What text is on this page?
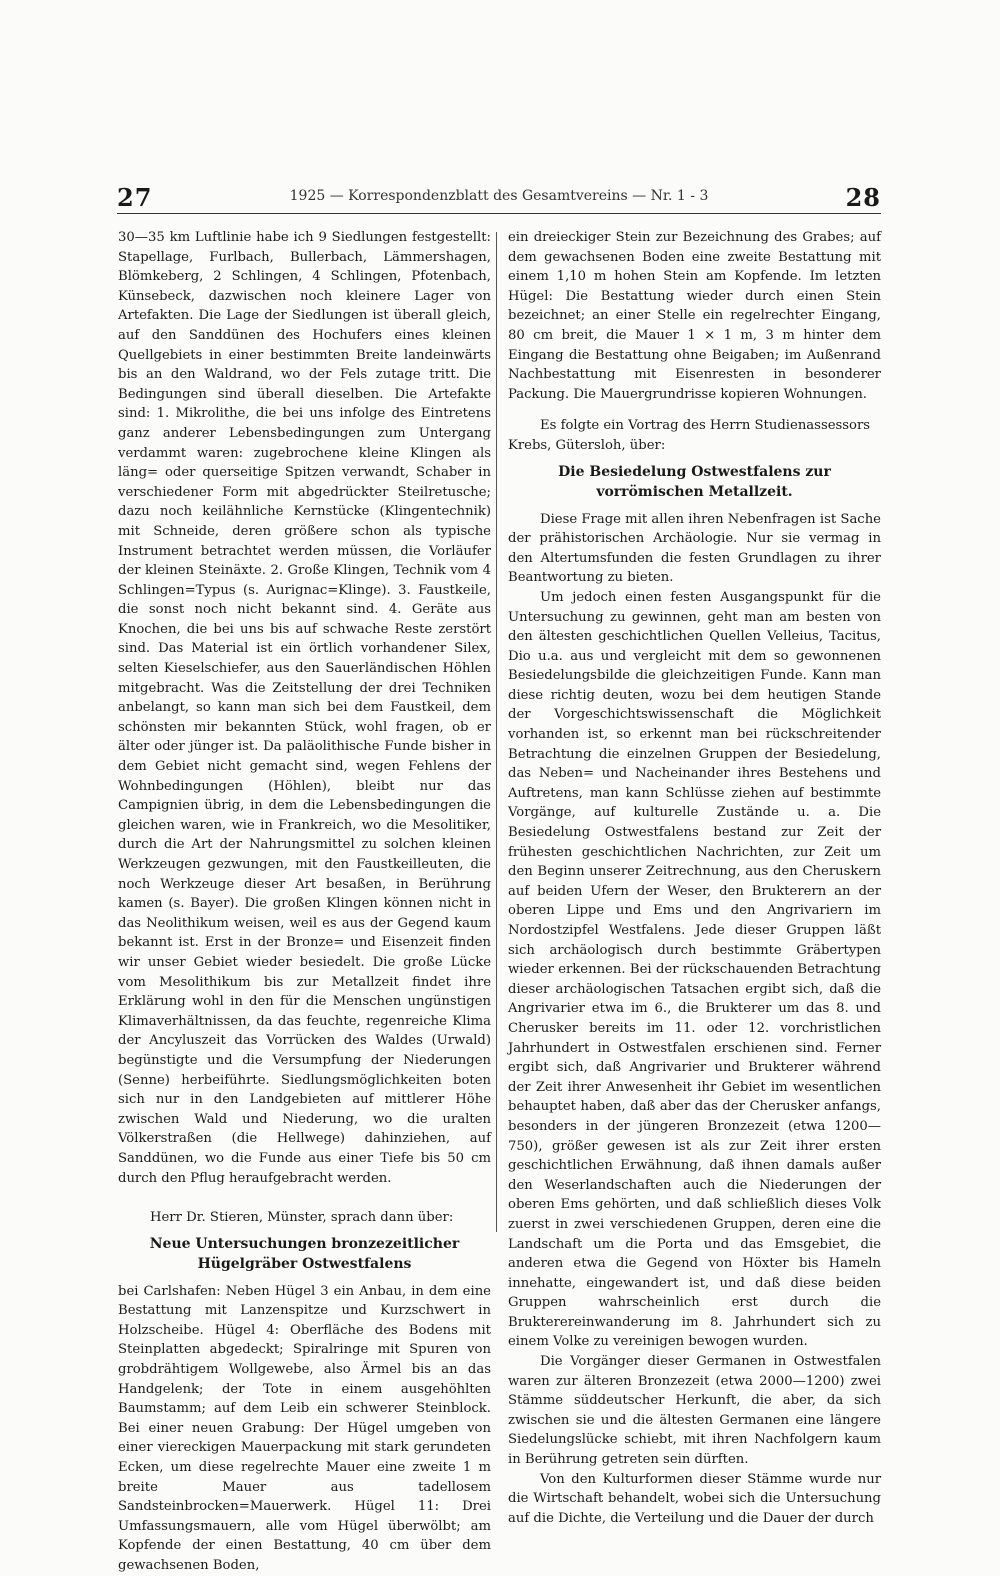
27	1925 — Korrespondenzblatt des Gesamtvereins — Nr. 1 - 3	28

30—35 km Luftlinie habe ich 9 Siedlungen festgestellt: Stapellage, Furlbach, Bullerbach, Lämmershagen, Blömkeberg, 2 Schlingen, 4 Schlingen, Pfotenbach, Künsebeck, dazwischen noch kleinere Lager von Artefakten. Die Lage der Siedlungen ist überall gleich, auf den Sanddünen des Hochufers eines kleinen Quellgebiets in einer bestimmten Breite landeinwärts bis an den Waldrand, wo der Fels zutage tritt. Die Bedingungen sind überall dieselben. Die Artefakte sind: 1. Mikrolithe, die bei uns infolge des Eintretens ganz anderer Lebensbedingungen zum Untergang verdammt waren: zugebrochene kleine Klingen als läng= oder querseitige Spitzen verwandt, Schaber in verschiedener Form mit abgedrückter Steilretusche; dazu noch keilähnliche Kernstücke (Klingentechnik) mit Schneide, deren größere schon als typische Instrument betrachtet werden müssen, die Vorläufer der kleinen Steinäxte. 2. Große Klingen, Technik vom 4 Schlingen=Typus (s. Aurignac=Klinge). 3. Faustkeile, die sonst noch nicht bekannt sind. 4. Geräte aus Knochen, die bei uns bis auf schwache Reste zerstört sind. Das Material ist ein örtlich vorhandener Silex, selten Kieselschiefer, aus den Sauerländischen Höhlen mitgebracht. Was die Zeitstellung der drei Techniken anbelangt, so kann man sich bei dem Faustkeil, dem schönsten mir bekannten Stück, wohl fragen, ob er älter oder jünger ist. Da paläolithische Funde bisher in dem Gebiet nicht gemacht sind, wegen Fehlens der Wohnbedingungen (Höhlen), bleibt nur das Campignien übrig, in dem die Lebensbedingungen die gleichen waren, wie in Frankreich, wo die Mesolitiker, durch die Art der Nahrungsmittel zu solchen kleinen Werkzeugen gezwungen, mit den Faustkeilleuten, die noch Werkzeuge dieser Art besaßen, in Berührung kamen (s. Bayer). Die großen Klingen können nicht in das Neolithikum weisen, weil es aus der Gegend kaum bekannt ist. Erst in der Bronze= und Eisenzeit finden wir unser Gebiet wieder besiedelt. Die große Lücke vom Mesolithikum bis zur Metallzeit findet ihre Erklärung wohl in den für die Menschen ungünstigen Klimaverhältnissen, da das feuchte, regenreiche Klima der Ancyluszeit das Vorrücken des Waldes (Urwald) begünstigte und die Versumpfung der Niederungen (Senne) herbeiführte. Siedlungsmöglichkeiten boten sich nur in den Landgebieten auf mittlerer Höhe zwischen Wald und Niederung, wo die uralten Völkerstraßen (die Hellwege) dahinziehen, auf Sanddünen, wo die Funde aus einer Tiefe bis 50 cm durch den Pflug heraufgebracht werden.

Herr Dr. Stieren, Münster, sprach dann über:

Neue Untersuchungen bronzezeitlicher Hügelgräber Ostwestfalens

bei Carlshafen: Neben Hügel 3 ein Anbau, in dem eine Bestattung mit Lanzenspitze und Kurzschwert in Holzscheibe. Hügel 4: Oberfläche des Bodens mit Steinplatten abgedeckt; Spiralringe mit Spuren von grobdrähtigem Wollgewebe, also Ärmel bis an das Handgelenk; der Tote in einem ausgehöhlten Baumstamm; auf dem Leib ein schwerer Steinblock. Bei einer neuen Grabung: Der Hügel umgeben von einer viereckigen Mauerpackung mit stark gerundeten Ecken, um diese regelrechte Mauer eine zweite 1 m breite Mauer aus tadellosem Sandsteinbrocken=Mauerwerk. Hügel 11: Drei Umfassungsmauern, alle vom Hügel überwölbt; am Kopfende der einen Bestattung, 40 cm über dem gewachsenen Boden,

ein dreieckiger Stein zur Bezeichnung des Grabes; auf dem gewachsenen Boden eine zweite Bestattung mit einem 1,10 m hohen Stein am Kopfende. Im letzten Hügel: Die Bestattung wieder durch einen Stein bezeichnet; an einer Stelle ein regelrechter Eingang, 80 cm breit, die Mauer 1 × 1 m, 3 m hinter dem Eingang die Bestattung ohne Beigaben; im Außenrand Nachbestattung mit Eisenresten in besonderer Packung. Die Mauergrundrisse kopieren Wohnungen.

Es folgte ein Vortrag des Herrn Studienassessors Krebs, Gütersloh, über:

Die Besiedelung Ostwestfalens zur vorrömischen Metallzeit.

Diese Frage mit allen ihren Nebenfragen ist Sache der prähistorischen Archäologie. Nur sie vermag in den Altertumsfunden die festen Grundlagen zu ihrer Beantwortung zu bieten.

Um jedoch einen festen Ausgangspunkt für die Untersuchung zu gewinnen, geht man am besten von den ältesten geschichtlichen Quellen Velleius, Tacitus, Dio u.a. aus und vergleicht mit dem so gewonnenen Besiedelungsbilde die gleichzeitigen Funde. Kann man diese richtig deuten, wozu bei dem heutigen Stande der Vorgeschichtswissenschaft die Möglichkeit vorhanden ist, so erkennt man bei rückschreitender Betrachtung die einzelnen Gruppen der Besiedelung, das Neben= und Nacheinander ihres Bestehens und Auftretens, man kann Schlüsse ziehen auf bestimmte Vorgänge, auf kulturelle Zustände u. a. Die Besiedelung Ostwestfalens bestand zur Zeit der frühesten geschichtlichen Nachrichten, zur Zeit um den Beginn unserer Zeitrechnung, aus den Cheruskern auf beiden Ufern der Weser, den Brukterern an der oberen Lippe und Ems und den Angrivariern im Nordostzipfel Westfalens. Jede dieser Gruppen läßt sich archäologisch durch bestimmte Gräbertypen wieder erkennen. Bei der rückschauenden Betrachtung dieser archäologischen Tatsachen ergibt sich, daß die Angrivarier etwa im 6., die Brukterer um das 8. und Cherusker bereits im 11. oder 12. vorchristlichen Jahrhundert in Ostwestfalen erschienen sind. Ferner ergibt sich, daß Angrivarier und Brukterer während der Zeit ihrer Anwesenheit ihr Gebiet im wesentlichen behauptet haben, daß aber das der Cherusker anfangs, besonders in der jüngeren Bronzezeit (etwa 1200—750), größer gewesen ist als zur Zeit ihrer ersten geschichtlichen Erwähnung, daß ihnen damals außer den Weserlandschaften auch die Niederungen der oberen Ems gehörten, und daß schließlich dieses Volk zuerst in zwei verschiedenen Gruppen, deren eine die Landschaft um die Porta und das Emsgebiet, die anderen etwa die Gegend von Höxter bis Hameln innehatte, eingewandert ist, und daß diese beiden Gruppen wahrscheinlich erst durch die Brukterereinwanderung im 8. Jahrhundert sich zu einem Volke zu vereinigen bewogen wurden.

Die Vorgänger dieser Germanen in Ostwestfalen waren zur älteren Bronzezeit (etwa 2000—1200) zwei Stämme süddeutscher Herkunft, die aber, da sich zwischen sie und die ältesten Germanen eine längere Siedelungslücke schiebt, mit ihren Nachfolgern kaum in Berührung getreten sein dürften.

Von den Kulturformen dieser Stämme wurde nur die Wirtschaft behandelt, wobei sich die Untersuchung auf die Dichte, die Verteilung und die Dauer der durch
